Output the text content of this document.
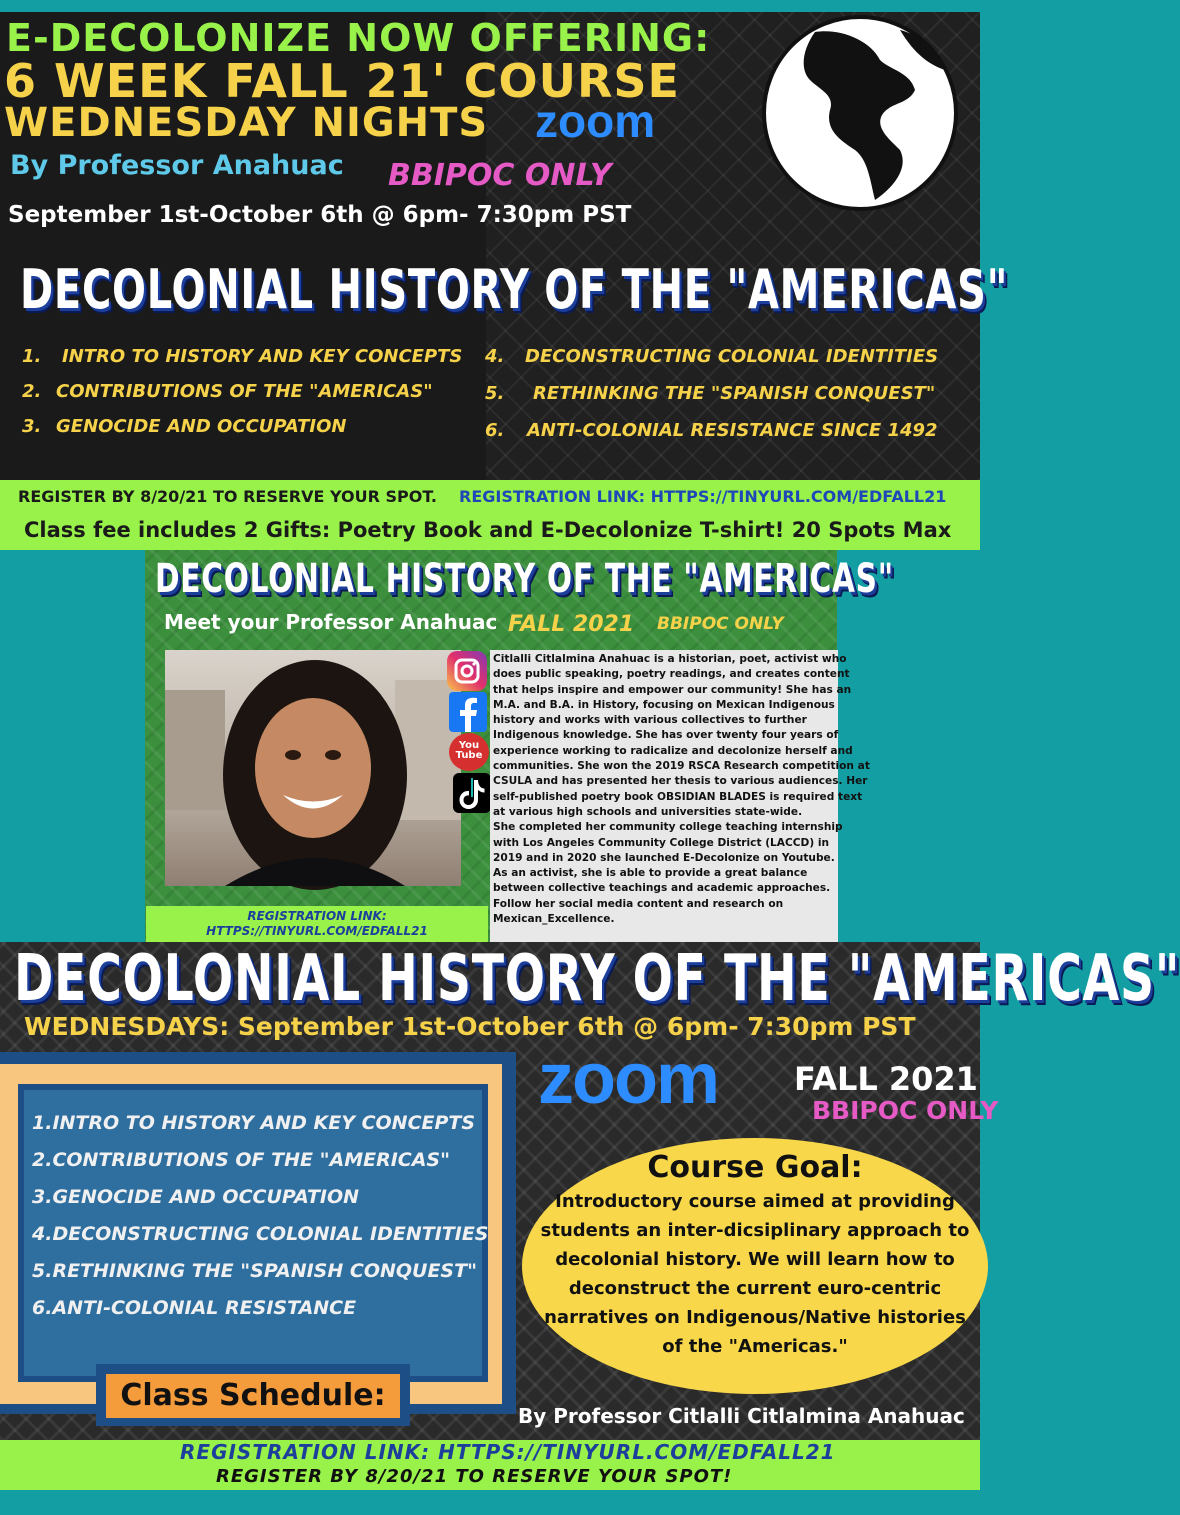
E-DECOLONIZE NOW OFFERING:
6 WEEK FALL 21' COURSE
WEDNESDAY NIGHTS zoom
By Professor Anahuac BBIPOC ONLY
September 1st-October 6th @ 6pm- 7:30pm PST
DECOLONIAL HISTORY OF THE "AMERICAS"
1.	INTRO TO HISTORY AND KEY CONCEPTS
2. CONTRIBUTIONS OF THE "AMERICAS"
3. GENOCIDE AND OCCUPATION
4.	DECONSTRUCTING COLONIAL IDENTITIES
5.	RETHINKING THE "SPANISH CONQUEST"
6.	ANTI-COLONIAL RESISTANCE SINCE 1492
REGISTER BY 8/20/21 TO RESERVE YOUR SPOT. REGISTRATION LINK: HTTPS://TINYURL.COM/EDFALL21
Class fee includes 2 Gifts: Poetry Book and E-Decolonize T-shirt! 20 Spots Max
DECOLONIAL HISTORY OF THE "AMERICAS"
Meet your Professor Anahuac FALL 2021 BBIPOC ONLY
You Tube
Citlalli Citlalmina Anahuac is a historian, poet, activist who
does public speaking, poetry readings, and creates content
that helps inspire and empower our community! She has an
M.A. and B.A. in History, focusing on Mexican Indigenous
history and works with various collectives to further
Indigenous knowledge. She has over twenty four years of
experience working to radicalize and decolonize herself and
communities. She won the 2019 RSCA Research competition at
CSULA and has presented her thesis to various audiences. Her
self-published poetry book OBSIDIAN BLADES is required text
at various high schools and universities state-wide.
She completed her community college teaching internship
with Los Angeles Community College District (LACCD) in
2019 and in 2020 she launched E-Decolonize on Youtube.
As an activist, she is able to provide a great balance
between collective teachings and academic approaches.
Follow her social media content and research on
Mexican_Excellence.
REGISTRATION LINK:
HTTPS://TINYURL.COM/EDFALL21
DECOLONIAL HISTORY OF THE "AMERICAS"
WEDNESDAYS: September 1st-October 6th @ 6pm- 7:30pm PST
zoom FALL 2021
BBIPOC ONLY
1.INTRO TO HISTORY AND KEY CONCEPTS
2.CONTRIBUTIONS OF THE "AMERICAS"
3.GENOCIDE AND OCCUPATION
4.DECONSTRUCTING COLONIAL IDENTITIES
5.RETHINKING THE "SPANISH CONQUEST"
6.ANTI-COLONIAL RESISTANCE
Class Schedule:
Course Goal:
Introductory course aimed at providing
students an inter-dicsiplinary approach to
decolonial history. We will learn how to
deconstruct the current euro-centric
narratives on Indigenous/Native histories
of the "Americas."
By Professor Citlalli Citlalmina Anahuac
REGISTRATION LINK: HTTPS://TINYURL.COM/EDFALL21
REGISTER BY 8/20/21 TO RESERVE YOUR SPOT!
